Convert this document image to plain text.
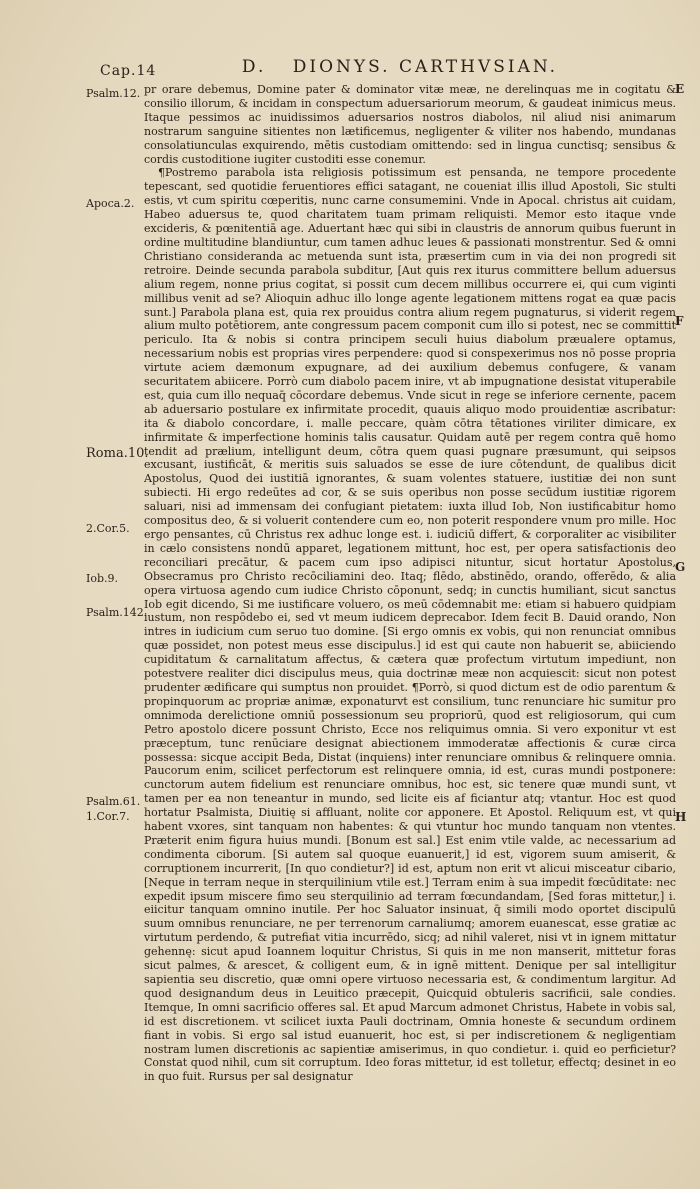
Cap.14	D. DIONYS. CARTHVSIAN.
Psalm.12.
Apoca.2.
Roma.10.
2.Cor.5.
Iob.9.
Psalm.142.
Psalm.61.
1.Cor.7.
E
F
G
H

pr orare debemus, Domine pater & dominator vitæ meæ, ne derelinquas me in cogitatu & consilio illorum, & incidam in conspectum aduersariorum meorum, & gaudeat inimicus meus. Itaque pessimos ac inuidissimos aduersarios nostros diabolos, nil aliud nisi animarum nostrarum sanguine sitientes non lætificemus, negligenter & viliter nos habendo, mundanas consolatiunculas exquirendo, mētis custodiam omittendo: sed in lingua cunctisq; sensibus & cordis custoditione iugiter custoditi esse conemur.

¶Postremo parabola ista religiosis potissimum est pensanda, ne tempore procedente tepescant, sed quotidie feruentiores effici satagant, ne coueniat illis illud Apostoli, Sic stulti estis, vt cum spiritu cœperitis, nunc carne consumemini. Vnde in Apocal. christus ait cuidam, Habeo aduersus te, quod charitatem tuam primam reliquisti. Memor esto itaque vnde excideris, & pœnitentiā age. Aduertant hæc qui sibi in claustris de annorum quibus fuerunt in ordine multitudine blandiuntur, cum tamen adhuc leues & passionati monstrentur. Sed & omni Christiano consideranda ac metuenda sunt ista, præsertim cum in via dei non progredi sit retroire. Deinde secunda parabola subditur, [Aut quis rex iturus committere bellum aduersus alium regem, nonne prius cogitat, si possit cum decem millibus occurrere ei, qui cum viginti millibus venit ad se? Alioquin adhuc illo longe agente legationem mittens rogat ea quæ pacis sunt.] Parabola plana est, quia rex prouidus contra alium regem pugnaturus, si viderit regem alium multo potētiorem, ante congressum pacem componit cum illo si potest, nec se committit periculo. Ita & nobis si contra principem seculi huius diabolum præualere optamus, necessarium nobis est proprias vires perpendere: quod si conspexerimus nos nō posse propria virtute aciem dæmonum expugnare, ad dei auxilium debemus confugere, & vanam securitatem abiicere. Porrò cum diabolo pacem inire, vt ab impugnatione desistat vituperabile est, quia cum illo nequaq̄ cōcordare debemus. Vnde sicut in rege se inferiore cernente, pacem ab aduersario postulare ex infirmitate procedit, quauis aliquo modo prouidentiæ ascribatur: ita & diabolo concordare, i. malle peccare, quàm cōtra tētationes viriliter dimicare, ex infirmitate & imperfectione hominis talis causatur. Quidam autē per regem contra quē homo tendit ad prælium, intelligunt deum, cōtra quem quasi pugnare præsumunt, qui seipsos excusant, iustificāt, & meritis suis saluados se esse de iure cōtendunt, de qualibus dicit Apostolus, Quod dei iustitiā ignorantes, & suam volentes statuere, iustitiæ dei non sunt subiecti. Hi ergo redeūtes ad cor, & se suis operibus non posse secūdum iustitiæ rigorem saluari, nisi ad immensam dei confugiant pietatem: iuxta illud Iob, Non iustificabitur homo compositus deo, & si voluerit contendere cum eo, non poterit respondere vnum pro mille. Hoc ergo pensantes, cū Christus rex adhuc longe est. i. iudiciū differt, & corporaliter ac visibiliter in cælo consistens nondū apparet, legationem mittunt, hoc est, per opera satisfactionis deo reconciliari precātur, & pacem cum ipso adipisci nituntur, sicut hortatur Apostolus, Obsecramus pro Christo recōciliamini deo. Itaq; flēdo, abstinēdo, orando, offerēdo, & alia opera virtuosa agendo cum iudice Christo cōponunt, sedq; in cunctis humiliant, sicut sanctus Iob egit dicendo, Si me iustificare voluero, os meū cōdemnabit me: etiam si habuero quidpiam iustum, non respōdebo ei, sed vt meum iudicem deprecabor. Idem fecit B. Dauid orando, Non intres in iudicium cum seruo tuo domine. [Si ergo omnis ex vobis, qui non renunciat omnibus quæ possidet, non potest meus esse discipulus.] id est qui caute non habuerit se, abiiciendo cupiditatum & carnalitatum affectus, & cætera quæ profectum virtutum impediunt, non potestvere realiter dici discipulus meus, quia doctrinæ meæ non acquiescit: sicut non potest prudenter ædificare qui sumptus non prouidet. ¶Porrò, si quod dictum est de odio parentum & propinquorum ac propriæ animæ, exponaturvt est consilium, tunc renunciare hic sumitur pro omnimoda derelictione omniū possessionum seu propriorū, quod est religiosorum, qui cum Petro apostolo dicere possunt Christo, Ecce nos reliquimus omnia. Si vero exponitur vt est præceptum, tunc renūciare designat abiectionem immoderatæ affectionis & curæ circa possessa: sicque accipit Beda, Distat (inquiens) inter renunciare omnibus & relinquere omnia. Paucorum enim, scilicet perfectorum est relinquere omnia, id est, curas mundi postponere: cunctorum autem fidelium est renunciare omnibus, hoc est, sic tenere quæ mundi sunt, vt tamen per ea non teneantur in mundo, sed licite eis af ficiantur atq; vtantur. Hoc est quod hortatur Psalmista, Diuitię si affluant, nolite cor apponere. Et Apostol. Reliquum est, vt qui habent vxores, sint tanquam non habentes: & qui vtuntur hoc mundo tanquam non vtentes. Præterit enim figura huius mundi. [Bonum est sal.] Est enim vtile valde, ac necessarium ad condimenta ciborum. [Si autem sal quoque euanuerit,] id est, vigorem suum amiserit, & corruptionem incurrerit, [In quo condietur?] id est, aptum non erit vt alicui misceatur cibario, [Neque in terram neque in sterquilinium vtile est.] Terram enim à sua impedit fœcūditate: nec expedit ipsum miscere fimo seu sterquilinio ad terram fœcundandam, [Sed foras mittetur,] i. eiicitur tanquam omnino inutile. Per hoc Saluator insinuat, q̄ simili modo oportet discipulū suum omnibus renunciare, ne per terrenorum carnaliumq; amorem euanescat, esse gratiæ ac virtutum perdendo, & putrefiat vitia incurrēdo, sicq; ad nihil valeret, nisi vt in ignem mittatur gehennę: sicut apud Ioannem loquitur Christus, Si quis in me non manserit, mittetur foras sicut palmes, & arescet, & colligent eum, & in ignē mittent. Denique per sal intelligitur sapientia seu discretio, quæ omni opere virtuoso necessaria est, & condimentum largitur. Ad quod designandum deus in Leuitico præcepit, Quicquid obtuleris sacrificii, sale condies. Itemque, In omni sacrificio offeres sal. Et apud Marcum admonet Christus, Habete in vobis sal, id est discretionem. vt scilicet iuxta Pauli doctrinam, Omnia honeste & secundum ordinem fiant in vobis. Si ergo sal istud euanuerit, hoc est, si per indiscretionem & negligentiam nostram lumen discretionis ac sapientiæ amiserimus, in quo condietur. i. quid eo perficietur? Constat quod nihil, cum sit corruptum. Ideo foras mittetur, id est tolletur, effectq; desinet in eo in quo fuit. Rursus per sal designatur
